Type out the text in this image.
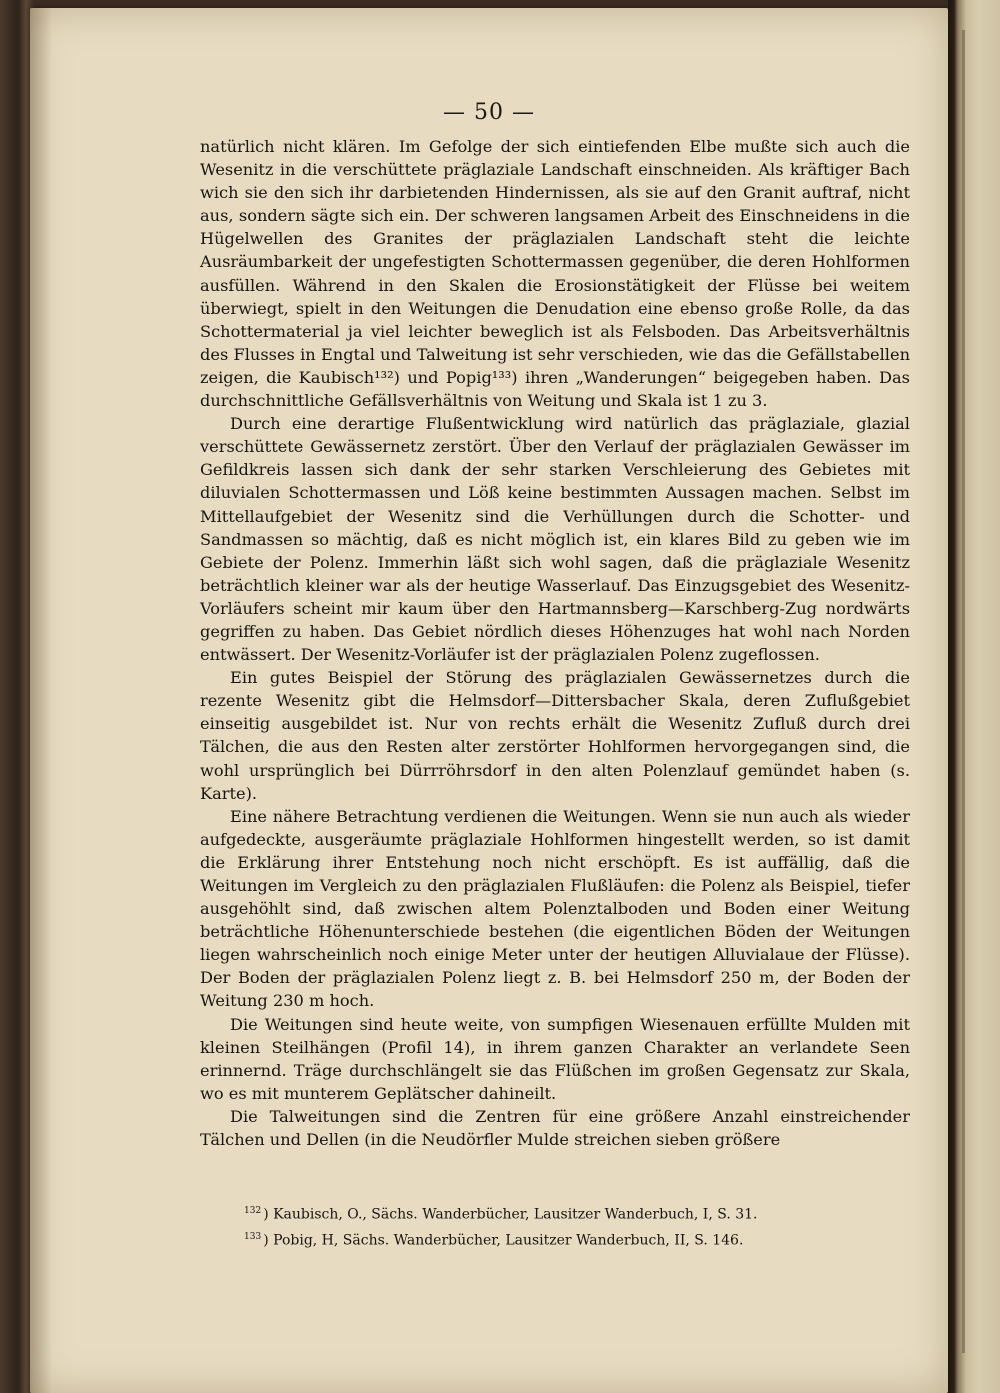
— 50 —

natürlich nicht klären. Im Gefolge der sich eintiefenden Elbe mußte sich auch die Wesenitz in die verschüttete präglaziale Landschaft einschneiden. Als kräftiger Bach wich sie den sich ihr darbietenden Hindernissen, als sie auf den Granit auftraf, nicht aus, sondern sägte sich ein. Der schweren langsamen Arbeit des Einschneidens in die Hügelwellen des Granites der präglazialen Landschaft steht die leichte Ausräumbarkeit der ungefestigten Schottermassen gegenüber, die deren Hohlformen ausfüllen. Während in den Skalen die Erosionstätigkeit der Flüsse bei weitem überwiegt, spielt in den Weitungen die Denudation eine ebenso große Rolle, da das Schottermaterial ja viel leichter beweglich ist als Felsboden. Das Arbeitsverhältnis des Flusses in Engtal und Talweitung ist sehr verschieden, wie das die Gefällstabellen zeigen, die Kaubisch¹³²) und Popig¹³³) ihren „Wanderungen“ beigegeben haben. Das durchschnittliche Gefällsverhältnis von Weitung und Skala ist 1 zu 3.

Durch eine derartige Flußentwicklung wird natürlich das präglaziale, glazial verschüttete Gewässernetz zerstört. Über den Verlauf der präglazialen Gewässer im Gefildkreis lassen sich dank der sehr starken Verschleierung des Gebietes mit diluvialen Schottermassen und Löß keine bestimmten Aussagen machen. Selbst im Mittellaufgebiet der Wesenitz sind die Verhüllungen durch die Schotter- und Sandmassen so mächtig, daß es nicht möglich ist, ein klares Bild zu geben wie im Gebiete der Polenz. Immerhin läßt sich wohl sagen, daß die präglaziale Wesenitz beträchtlich kleiner war als der heutige Wasserlauf. Das Einzugsgebiet des Wesenitz-Vorläufers scheint mir kaum über den Hartmannsberg—Karschberg-Zug nordwärts gegriffen zu haben. Das Gebiet nördlich dieses Höhenzuges hat wohl nach Norden entwässert. Der Wesenitz-Vorläufer ist der präglazialen Polenz zugeflossen.

Ein gutes Beispiel der Störung des präglazialen Gewässernetzes durch die rezente Wesenitz gibt die Helmsdorf—Dittersbacher Skala, deren Zuflußgebiet einseitig ausgebildet ist. Nur von rechts erhält die Wesenitz Zufluß durch drei Tälchen, die aus den Resten alter zerstörter Hohlformen hervorgegangen sind, die wohl ursprünglich bei Dürrröhrsdorf in den alten Polenzlauf gemündet haben (s. Karte).

Eine nähere Betrachtung verdienen die Weitungen. Wenn sie nun auch als wieder aufgedeckte, ausgeräumte präglaziale Hohlformen hingestellt werden, so ist damit die Erklärung ihrer Entstehung noch nicht erschöpft. Es ist auffällig, daß die Weitungen im Vergleich zu den präglazialen Flußläufen: die Polenz als Beispiel, tiefer ausgehöhlt sind, daß zwischen altem Polenztalboden und Boden einer Weitung beträchtliche Höhenunterschiede bestehen (die eigentlichen Böden der Weitungen liegen wahrscheinlich noch einige Meter unter der heutigen Alluvialaue der Flüsse). Der Boden der präglazialen Polenz liegt z. B. bei Helmsdorf 250 m, der Boden der Weitung 230 m hoch.

Die Weitungen sind heute weite, von sumpfigen Wiesenauen erfüllte Mulden mit kleinen Steilhängen (Profil 14), in ihrem ganzen Charakter an verlandete Seen erinnernd. Träge durchschlängelt sie das Flüßchen im großen Gegensatz zur Skala, wo es mit munterem Geplätscher dahineilt.

Die Talweitungen sind die Zentren für eine größere Anzahl einstreichender Tälchen und Dellen (in die Neudörfler Mulde streichen sieben größere

$^{132}$ ) Kaubisch, O., Sächs. Wanderbücher, Lausitzer Wanderbuch, I, S. 31.
$^{133}$ ) Pobig, H, Sächs. Wanderbücher, Lausitzer Wanderbuch, II, S. 146.
